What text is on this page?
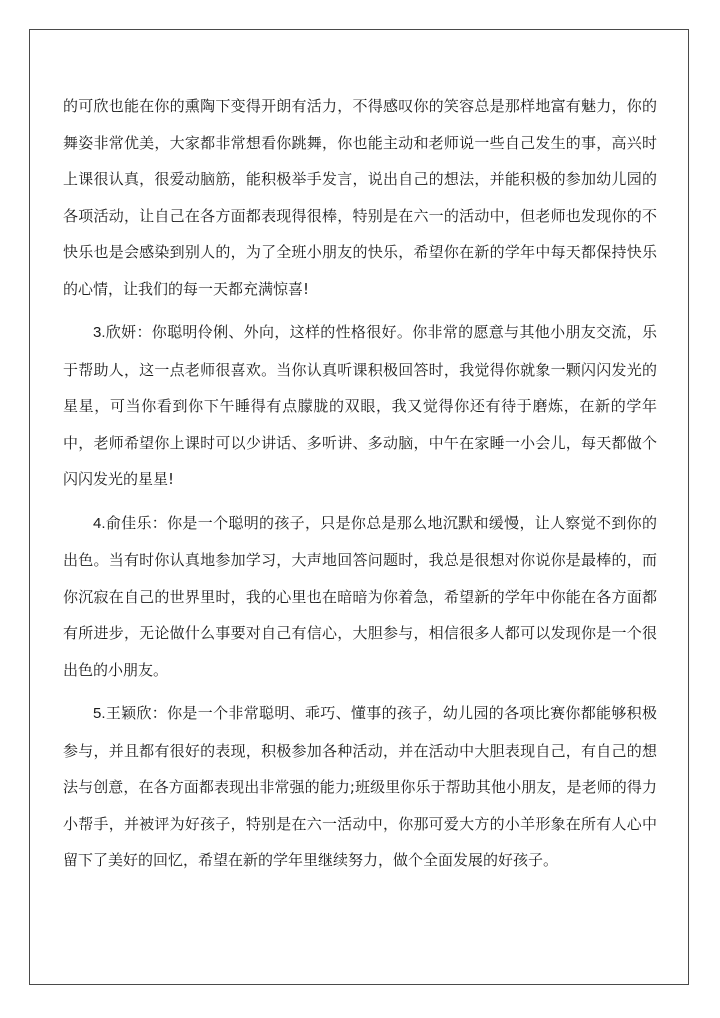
的可欣也能在你的熏陶下变得开朗有活力，不得感叹你的笑容总是那样地富有魅力，你的舞姿非常优美，大家都非常想看你跳舞，你也能主动和老师说一些自己发生的事，高兴时上课很认真，很爱动脑筋，能积极举手发言，说出自己的想法，并能积极的参加幼儿园的各项活动，让自己在各方面都表现得很棒，特别是在六一的活动中，但老师也发现你的不快乐也是会感染到别人的，为了全班小朋友的快乐，希望你在新的学年中每天都保持快乐的心情，让我们的每一天都充满惊喜!

3.欣妍：你聪明伶俐、外向，这样的性格很好。你非常的愿意与其他小朋友交流，乐于帮助人，这一点老师很喜欢。当你认真听课积极回答时，我觉得你就象一颗闪闪发光的星星，可当你看到你下午睡得有点朦胧的双眼，我又觉得你还有待于磨炼，在新的学年中，老师希望你上课时可以少讲话、多听讲、多动脑，中午在家睡一小会儿，每天都做个闪闪发光的星星!

4.俞佳乐：你是一个聪明的孩子，只是你总是那么地沉默和缓慢，让人察觉不到你的出色。当有时你认真地参加学习，大声地回答问题时，我总是很想对你说你是最棒的，而你沉寂在自己的世界里时，我的心里也在暗暗为你着急，希望新的学年中你能在各方面都有所进步，无论做什么事要对自己有信心，大胆参与，相信很多人都可以发现你是一个很出色的小朋友。

5.王颖欣：你是一个非常聪明、乖巧、懂事的孩子，幼儿园的各项比赛你都能够积极参与，并且都有很好的表现，积极参加各种活动，并在活动中大胆表现自己，有自己的想法与创意，在各方面都表现出非常强的能力;班级里你乐于帮助其他小朋友，是老师的得力小帮手，并被评为好孩子，特别是在六一活动中，你那可爱大方的小羊形象在所有人心中留下了美好的回忆，希望在新的学年里继续努力，做个全面发展的好孩子。
